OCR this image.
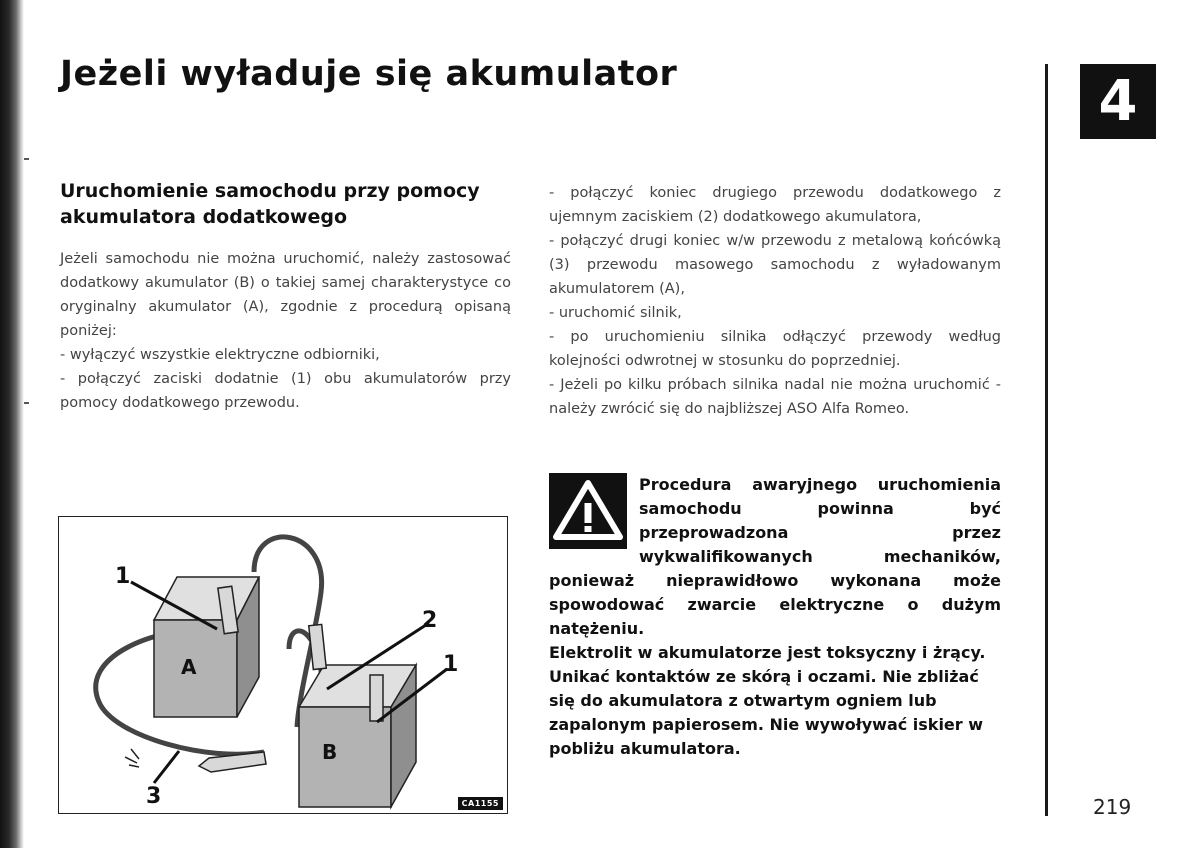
Jeżeli wyładuje się akumulator	4
Uruchomienie samochodu przy pomocy akumulatora dodatkowego

Jeżeli samochodu nie można uruchomić, należy zastosować dodatkowy akumulator (B) o takiej samej charakterystyce co oryginalny akumulator (A), zgodnie z procedurą opisaną poniżej:

- wyłączyć wszystkie elektryczne odbiorniki,

- połączyć zaciski dodatnie (1) obu akumulatorów przy pomocy dodatkowego przewodu.

- połączyć koniec drugiego przewodu dodatkowego z ujemnym zaciskiem (2) dodatkowego akumulatora,

- połączyć drugi koniec w/w przewodu z metalową końcówką (3) przewodu masowego samochodu z wyładowanym akumulatorem (A),

- uruchomić silnik,

- po uruchomieniu silnika odłączyć przewody według kolejności odwrotnej w stosunku do poprzedniej.

- Jeżeli po kilku próbach silnika nadal nie można uruchomić - należy zwrócić się do najbliższej ASO Alfa Romeo.

Procedura awaryjnego uruchomienia samochodu powinna być przeprowadzona przez wykwalifikowanych mechaników, ponieważ nieprawidłowo wykonana może spowodować zwarcie elektryczne o dużym natężeniu.

Elektrolit w akumulatorze jest toksyczny i żrący. Unikać kontaktów ze skórą i oczami. Nie zbliżać się do akumulatora z otwartym ogniem lub zapalonym papierosem. Nie wywoływać iskier w pobliżu akumulatora.

A
B
1
2
1
3	CA1155	219
